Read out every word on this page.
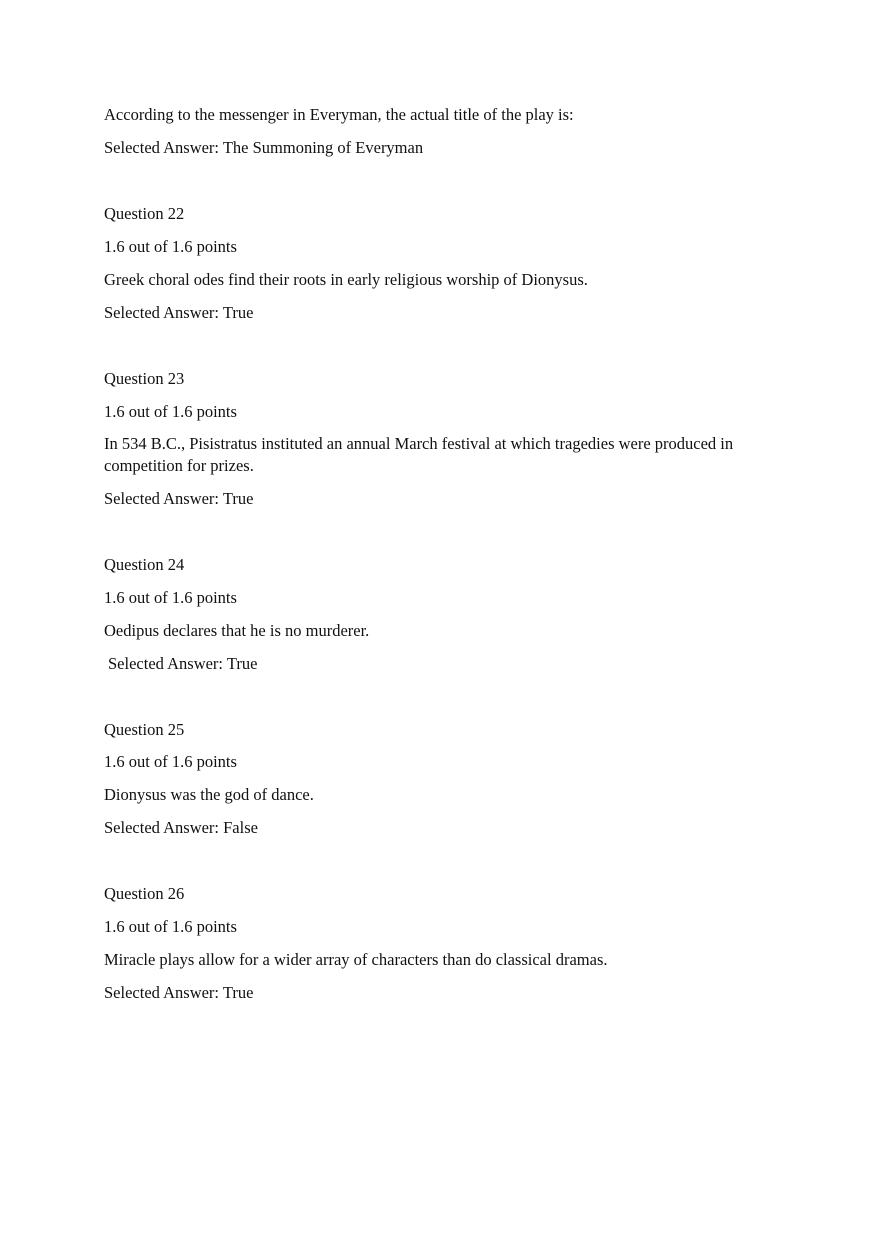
According to the messenger in Everyman, the actual title of the play is:
Selected Answer: The Summoning of Everyman
Question 22
1.6 out of 1.6 points
Greek choral odes find their roots in early religious worship of Dionysus.
Selected Answer: True
Question 23
1.6 out of 1.6 points
In 534 B.C., Pisistratus instituted an annual March festival at which tragedies were produced in competition for prizes.
Selected Answer: True
Question 24
1.6 out of 1.6 points
Oedipus declares that he is no murderer.
Selected Answer: True
Question 25
1.6 out of 1.6 points
Dionysus was the god of dance.
Selected Answer: False
Question 26
1.6 out of 1.6 points
Miracle plays allow for a wider array of characters than do classical dramas.
Selected Answer: True
